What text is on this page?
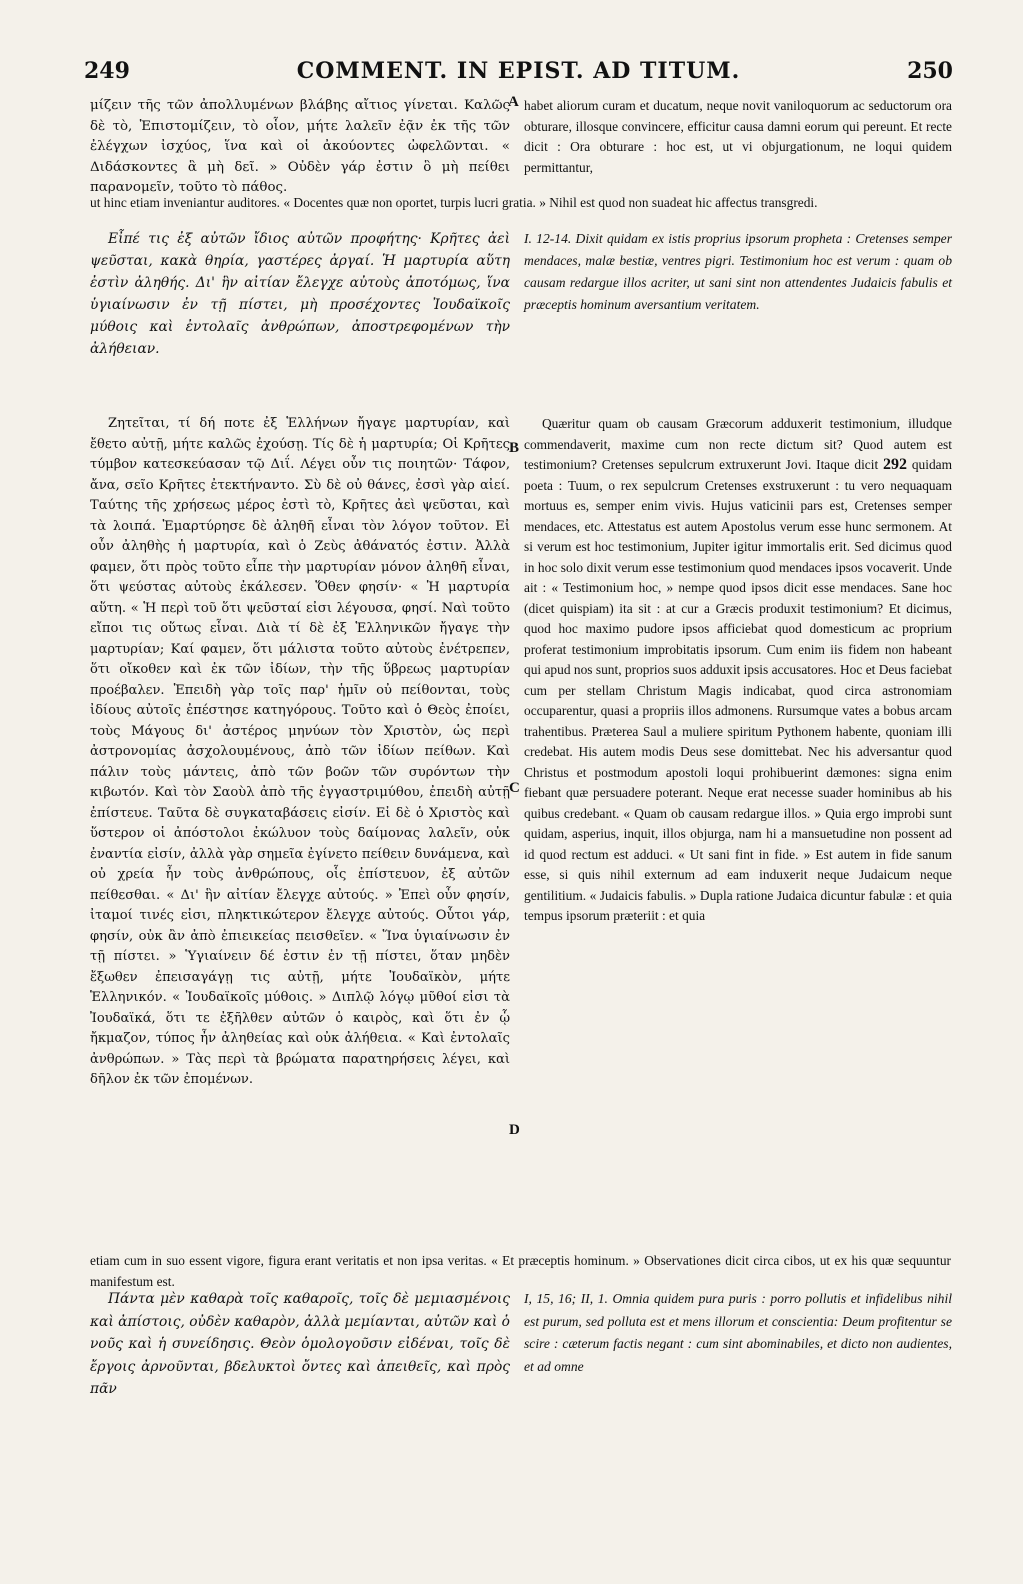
249	COMMENT. IN EPIST. AD TITUM.	250

μίζειν τῆς τῶν ἀπολλυμένων βλάβης αἴτιος γίνεται. Καλῶς δὲ τὸ, Ἐπιστομίζειν, τὸ οἷον, μήτε λαλεῖν ἐᾷν ἐκ τῆς τῶν ἐλέγχων ἰσχύος, ἵνα καὶ οἱ ἀκούοντες ὠφελῶνται. « Διδάσκοντες ἃ μὴ δεῖ. » Οὐδὲν γάρ ἐστιν ὃ μὴ πείθει παρανομεῖν, τοῦτο τὸ πάθος.

A habet aliorum curam et ducatum, neque novit vaniloquorum ac seductorum ora obturare, illosque convincere, efficitur causa damni eorum qui pereunt. Et recte dicit : Ora obturare : hoc est, ut vi objurgationum, ne loqui quidem permittantur,

ut hinc etiam inveniantur auditores. « Docentes quæ non oportet, turpis lucri gratia. » Nihil est quod non suadeat hic affectus transgredi.

Εἶπέ τις ἐξ αὐτῶν ἴδιος αὐτῶν προφήτης· Κρῆτες ἀεὶ ψεῦσται, κακὰ θηρία, γαστέρες ἀργαί. Ἡ μαρτυρία αὕτη ἐστὶν ἀληθής. Δι' ἣν αἰτίαν ἔλεγχε αὐτοὺς ἀποτόμως, ἵνα ὑγιαίνωσιν ἐν τῇ πίστει, μὴ προσέχοντες Ἰουδαϊκοῖς μύθοις καὶ ἐντολαῖς ἀνθρώπων, ἀποστρεφομένων τὴν ἀλήθειαν.

I. 12-14. Dixit quidam ex istis proprius ipsorum propheta : Cretenses semper mendaces, malæ bestiæ, ventres pigri. Testimonium hoc est verum : quam ob causam redargue illos acriter, ut sani sint non attendentes Judaicis fabulis et præceptis hominum aversantium veritatem.

Ζητεῖται, τί δή ποτε ἐξ Ἑλλήνων ἤγαγε μαρτυρίαν, καὶ ἔθετο αὐτῇ, μήτε καλῶς ἐχούσῃ. Τίς δὲ ἡ μαρτυρία; Οἱ Κρῆτες τύμβον κατεσκεύασαν τῷ Διΐ. Λέγει οὖν τις ποιητῶν· Τάφον, ἄνα, σεῖο Κρῆτες ἐτεκτήναντο. Σὺ δὲ οὐ θάνες, ἐσσὶ γὰρ αἰεί. Ταύτης τῆς χρήσεως μέρος ἐστὶ τὸ, Κρῆτες ἀεὶ ψεῦσται, καὶ τὰ λοιπά. Ἐμαρτύρησε δὲ ἀληθῆ εἶναι τὸν λόγον τοῦτον. Εἰ οὖν ἀληθὴς ἡ μαρτυρία, καὶ ὁ Ζεὺς ἀθάνατός ἐστιν. Ἀλλὰ φαμεν, ὅτι πρὸς τοῦτο εἶπε τὴν μαρτυρίαν μόνον ἀληθῆ εἶναι, ὅτι ψεύστας αὐτοὺς ἐκάλεσεν. Ὅθεν φησίν· « Ἡ μαρτυρία αὕτη. « Ἡ περὶ τοῦ ὅτι ψεῦσταί εἰσι λέγουσα, φησί. Ναὶ τοῦτο εἴποι τις οὕτως εἶναι. Διὰ τί δὲ ἐξ Ἑλληνικῶν ἤγαγε τὴν μαρτυρίαν; Καί φαμεν, ὅτι μάλιστα τοῦτο αὐτοὺς ἐνέτρεπεν, ὅτι οἴκοθεν καὶ ἐκ τῶν ἰδίων, τὴν τῆς ὕβρεως μαρτυρίαν προέβαλεν. Ἐπειδὴ γὰρ τοῖς παρ' ἡμῖν οὐ πείθονται, τοὺς ἰδίους αὐτοῖς ἐπέστησε κατηγόρους. Τοῦτο καὶ ὁ Θεὸς ἐποίει, τοὺς Μάγους δι' ἀστέρος μηνύων τὸν Χριστὸν, ὡς περὶ ἀστρονομίας ἀσχολουμένους, ἀπὸ τῶν ἰδίων πείθων. Καὶ πάλιν τοὺς μάντεις, ἀπὸ τῶν βοῶν τῶν συρόντων τὴν κιβωτόν. Καὶ τὸν Σαοὺλ ἀπὸ τῆς ἐγγαστριμύθου, ἐπειδὴ αὐτῇ ἐπίστευε. Ταῦτα δὲ συγκαταβάσεις εἰσίν. Εἰ δὲ ὁ Χριστὸς καὶ ὕστερον οἱ ἀπόστολοι ἐκώλυον τοὺς δαίμονας λαλεῖν, οὐκ ἐναντία εἰσίν, ἀλλὰ γὰρ σημεῖα ἐγίνετο πείθειν δυνάμενα, καὶ οὐ χρεία ἦν τοὺς ἀνθρώπους, οἷς ἐπίστευον, ἐξ αὐτῶν πείθεσθαι. « Δι' ἣν αἰτίαν ἔλεγχε αὐτούς. » Ἐπεὶ οὖν φησίν, ἰταμοί τινές εἰσι, πληκτικώτερον ἔλεγχε αὐτούς. Οὗτοι γάρ, φησίν, οὐκ ἂν ἀπὸ ἐπιεικείας πεισθεῖεν. « Ἵνα ὑγιαίνωσιν ἐν τῇ πίστει. » Ὑγιαίνειν δέ ἐστιν ἐν τῇ πίστει, ὅταν μηδὲν ἔξωθεν ἐπεισαγάγῃ τις αὐτῇ, μήτε Ἰουδαϊκὸν, μήτε Ἑλληνικόν. « Ἰουδαϊκοῖς μύθοις. » Διπλῷ λόγῳ μῦθοί εἰσι τὰ Ἰουδαϊκά, ὅτι τε ἐξῆλθεν αὐτῶν ὁ καιρὸς, καὶ ὅτι ἐν ᾧ ἤκμαζον, τύπος ἦν ἀληθείας καὶ οὐκ ἀλήθεια. « Καὶ ἐντολαῖς ἀνθρώπων. » Τὰς περὶ τὰ βρώματα παρατηρήσεις λέγει, καὶ δῆλον ἐκ τῶν ἐπομένων.

B
C
D

Quæritur quam ob causam Græcorum adduxerit testimonium, illudque commendaverit, maxime cum non recte dictum sit? Quod autem est testimonium? Cretenses sepulcrum extruxerunt Jovi. Itaque dicit 292 quidam poeta : Tuum, o rex sepulcrum Cretenses exstruxerunt : tu vero nequaquam mortuus es, semper enim vivis. Hujus vaticinii pars est, Cretenses semper mendaces, etc. Attestatus est autem Apostolus verum esse hunc sermonem. At si verum est hoc testimonium, Jupiter igitur immortalis erit. Sed dicimus quod in hoc solo dixit verum esse testimonium quod mendaces ipsos vocaverit. Unde ait : « Testimonium hoc, » nempe quod ipsos dicit esse mendaces. Sane hoc (dicet quispiam) ita sit : at cur a Græcis produxit testimonium? Et dicimus, quod hoc maximo pudore ipsos afficiebat quod domesticum ac proprium proferat testimonium improbitatis ipsorum. Cum enim iis fidem non habeant qui apud nos sunt, proprios suos adduxit ipsis accusatores. Hoc et Deus faciebat cum per stellam Christum Magis indicabat, quod circa astronomiam occuparentur, quasi a propriis illos admonens. Rursumque vates a bobus arcam trahentibus. Præterea Saul a muliere spiritum Pythonem habente, quoniam illi credebat. His autem modis Deus sese domittebat. Nec his adversantur quod Christus et postmodum apostoli loqui prohibuerint dæmones: signa enim fiebant quæ persuadere poterant. Neque erat necesse suader hominibus ab his quibus credebant. « Quam ob causam redargue illos. » Quia ergo improbi sunt quidam, asperius, inquit, illos objurga, nam hi a mansuetudine non possent ad id quod rectum est adduci. « Ut sani fint in fide. » Est autem in fide sanum esse, si quis nihil externum ad eam induxerit neque Judaicum neque gentilitium. « Judaicis fabulis. » Dupla ratione Judaica dicuntur fabulæ : et quia tempus ipsorum præteriit : et quia

etiam cum in suo essent vigore, figura erant veritatis et non ipsa veritas. « Et præceptis hominum. » Observationes dicit circa cibos, ut ex his quæ sequuntur manifestum est.

Πάντα μὲν καθαρὰ τοῖς καθαροῖς, τοῖς δὲ μεμιασμένοις καὶ ἀπίστοις, οὐδὲν καθαρὸν, ἀλλὰ μεμίανται, αὐτῶν καὶ ὁ νοῦς καὶ ἡ συνείδησις. Θεὸν ὁμολογοῦσιν εἰδέναι, τοῖς δὲ ἔργοις ἀρνοῦνται, βδελυκτοὶ ὄντες καὶ ἀπειθεῖς, καὶ πρὸς πᾶν

I, 15, 16; II, 1. Omnia quidem pura puris : porro pollutis et infidelibus nihil est purum, sed polluta est et mens illorum et conscientia: Deum profitentur se scire : cæterum factis negant : cum sint abominabiles, et dicto non audientes, et ad omne
